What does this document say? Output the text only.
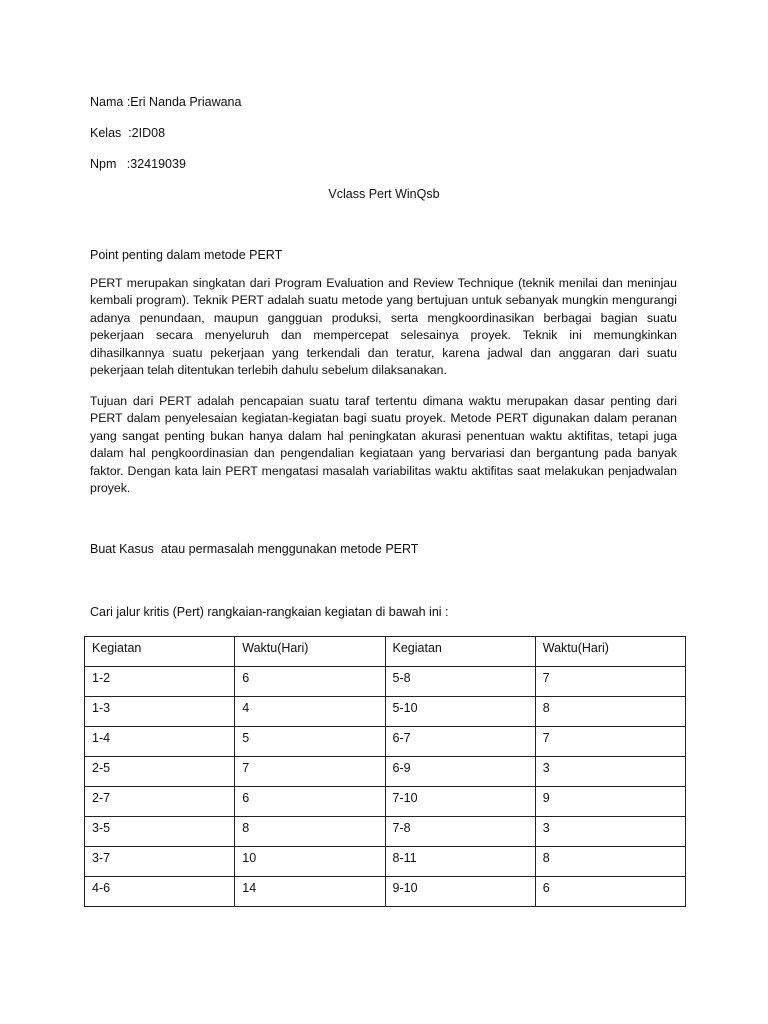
Nama :Eri Nanda Priawana
Kelas  :2ID08
Npm   :32419039
Vclass Pert WinQsb
Point penting dalam metode PERT
PERT merupakan singkatan dari Program Evaluation and Review Technique (teknik menilai dan meninjau kembali program). Teknik PERT adalah suatu metode yang bertujuan untuk sebanyak mungkin mengurangi adanya penundaan, maupun gangguan produksi, serta mengkoordinasikan berbagai bagian suatu pekerjaan secara menyeluruh dan mempercepat selesainya proyek. Teknik ini memungkinkan dihasilkannya suatu pekerjaan yang terkendali dan teratur, karena jadwal dan anggaran dari suatu pekerjaan telah ditentukan terlebih dahulu sebelum dilaksanakan.
Tujuan dari PERT adalah pencapaian suatu taraf tertentu dimana waktu merupakan dasar penting dari PERT dalam penyelesaian kegiatan-kegiatan bagi suatu proyek. Metode PERT digunakan dalam peranan yang sangat penting bukan hanya dalam hal peningkatan akurasi penentuan waktu aktifitas, tetapi juga dalam hal pengkoordinasian dan pengendalian kegiataan yang bervariasi dan bergantung pada banyak faktor. Dengan kata lain PERT mengatasi masalah variabilitas waktu aktifitas saat melakukan penjadwalan proyek.
Buat Kasus  atau permasalah menggunakan metode PERT
Cari jalur kritis (Pert) rangkaian-rangkaian kegiatan di bawah ini :
Kegiatan	Waktu(Hari)	Kegiatan	Waktu(Hari)
1-2	6	5-8	7
1-3	4	5-10	8
1-4	5	6-7	7
2-5	7	6-9	3
2-7	6	7-10	9
3-5	8	7-8	3
3-7	10	8-11	8
4-6	14	9-10	6
